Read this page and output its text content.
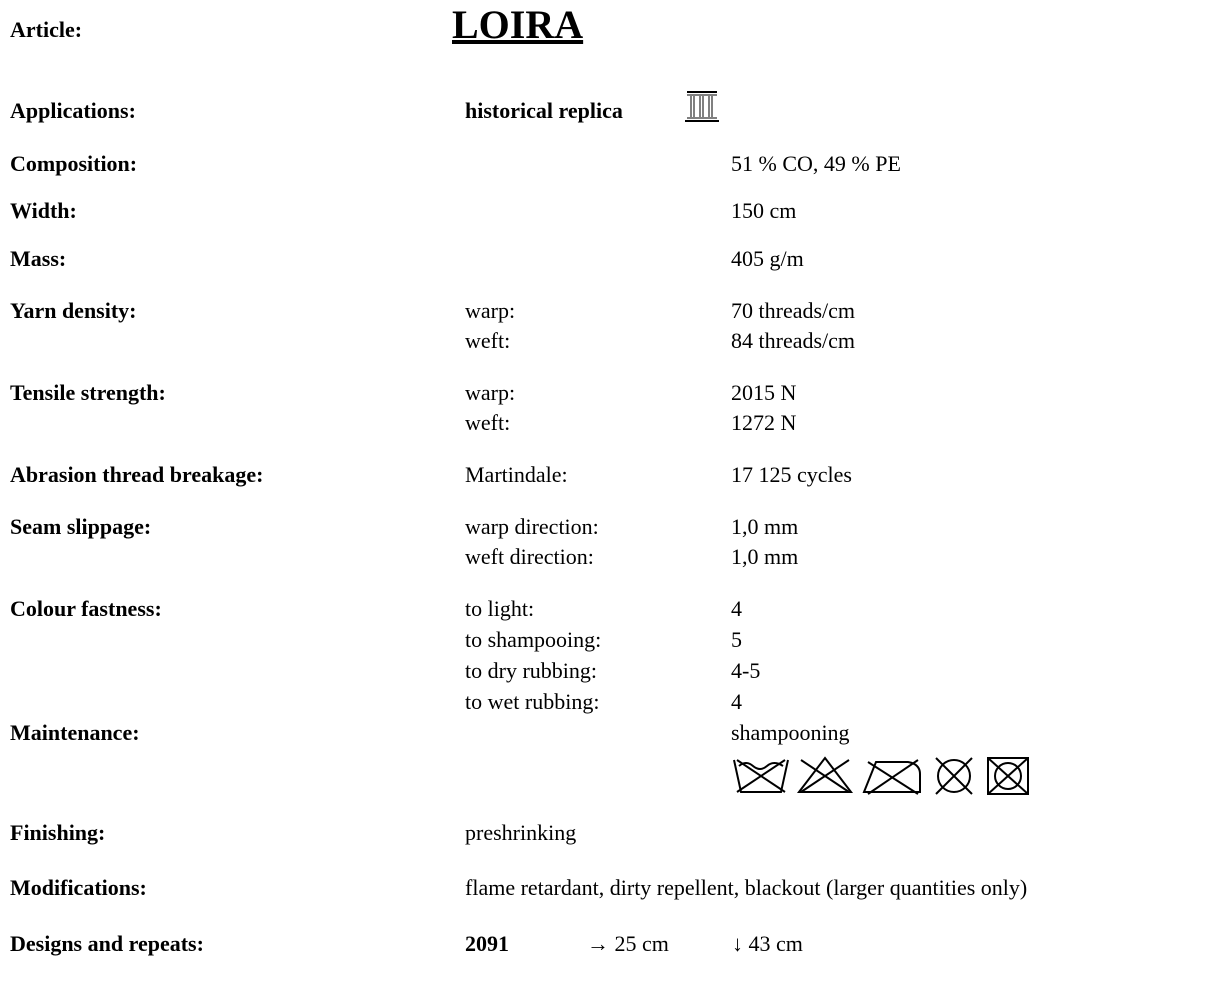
Article:	LOIRA
Applications:	historical replica
Composition:	51 % CO, 49 % PE
Width:	150 cm
Mass:	405 g/m
Yarn density:	warp:	70 threads/cm
weft:	84 threads/cm
Tensile strength:	warp:	2015 N
weft:	1272 N
Abrasion thread breakage:	Martindale:	17 125 cycles
Seam slippage:	warp direction:	1,0 mm
weft direction:	1,0 mm
Colour fastness:	to light:	4
to shampooing:	5
to dry rubbing:	4-5
to wet rubbing:	4
Maintenance:	shampooning
Finishing:	preshrinking
Modifications:	flame retardant, dirty repellent, blackout (larger quantities only)
Designs and repeats:	2091	→ 25 cm	↓ 43 cm
